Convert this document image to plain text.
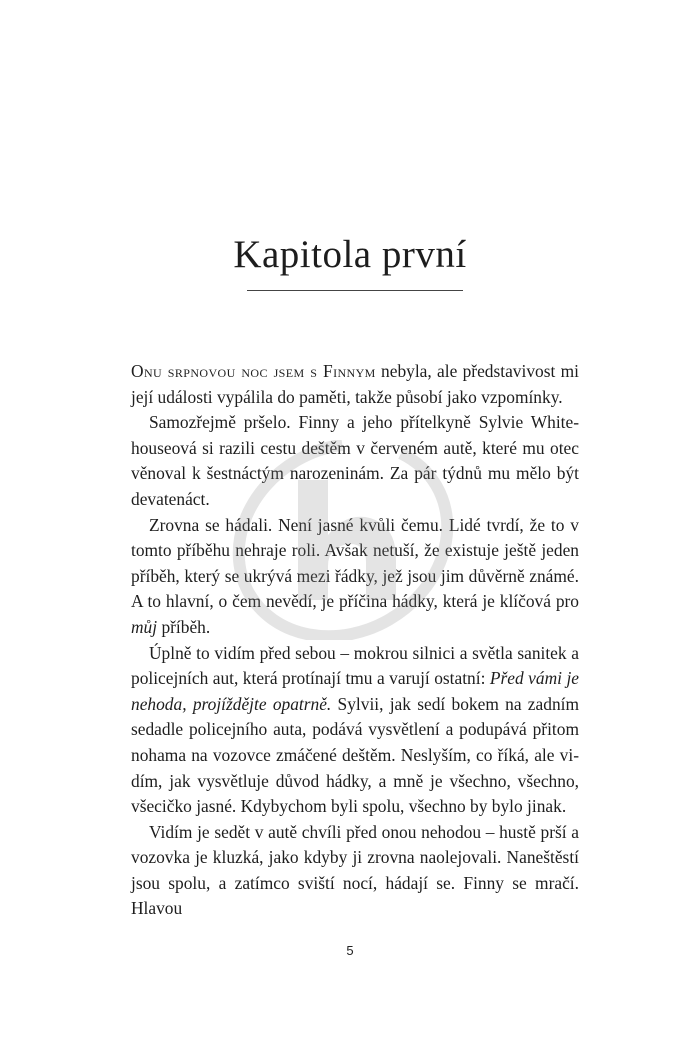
Kapitola první

Onu srpnovou noc jsem s Finnym nebyla, ale představivost mi její události vypálila do paměti, takže působí jako vzpomínky.

Samozřejmě pršelo. Finny a jeho přítelkyně Sylvie Whitehouseová si razili cestu deštěm v červeném autě, které mu otec věnoval k šestnáctým narozeninám. Za pár týdnů mu mělo být devatenáct.

Zrovna se hádali. Není jasné kvůli čemu. Lidé tvrdí, že to v tomto příběhu nehraje roli. Avšak netuší, že existuje ještě jeden příběh, který se ukrývá mezi řádky, jež jsou jim důvěrně známé. A to hlavní, o čem nevědí, je příčina hádky, která je klíčová pro můj příběh.

Úplně to vidím před sebou – mokrou silnici a světla sanitek a policejních aut, která protínají tmu a varují ostatní: Před vámi je nehoda, projíždějte opatrně. Sylvii, jak sedí bokem na zadním sedadle policejního auta, podává vysvětlení a podupává přitom nohama na vozovce zmáčené deštěm. Neslyším, co říká, ale vidím, jak vysvětluje důvod hádky, a mně je všechno, všechno, všecičko jasné. Kdybychom byli spolu, všechno by bylo jinak.

Vidím je sedět v autě chvíli před onou nehodou – hustě prší a vozovka je kluzká, jako kdyby ji zrovna naolejovali. Naneštěstí jsou spolu, a zatímco sviští nocí, hádají se. Finny se mračí. Hlavou

5
